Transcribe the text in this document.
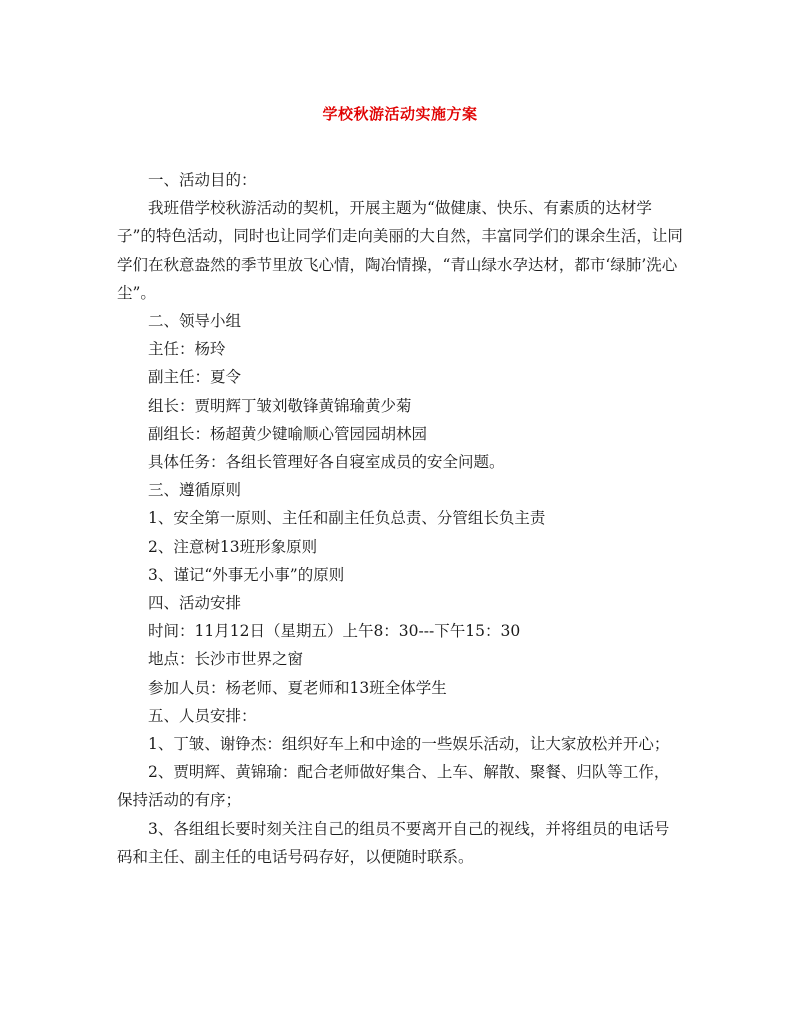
学校秋游活动实施方案

一、活动目的：

我班借学校秋游活动的契机，开展主题为“做健康、快乐、有素质的达材学子”的特色活动，同时也让同学们走向美丽的大自然，丰富同学们的课余生活，让同学们在秋意盎然的季节里放飞心情，陶冶情操，“青山绿水孕达材，都市‘绿肺’洗心尘”。

二、领导小组

主任：杨玲

副主任：夏令

组长：贾明辉丁皱刘敬锋黄锦瑜黄少菊

副组长：杨超黄少键喻顺心管园园胡林园

具体任务：各组长管理好各自寝室成员的安全问题。

三、遵循原则

1、安全第一原则、主任和副主任负总责、分管组长负主责

2、注意树13班形象原则

3、谨记“外事无小事”的原则

四、活动安排

时间：11月12日（星期五）上午8：30---下午15：30

地点：长沙市世界之窗

参加人员：杨老师、夏老师和13班全体学生

五、人员安排：

1、丁皱、谢铮杰：组织好车上和中途的一些娱乐活动，让大家放松并开心；

2、贾明辉、黄锦瑜：配合老师做好集合、上车、解散、聚餐、归队等工作，保持活动的有序；

3、各组组长要时刻关注自己的组员不要离开自己的视线，并将组员的电话号码和主任、副主任的电话号码存好，以便随时联系。
